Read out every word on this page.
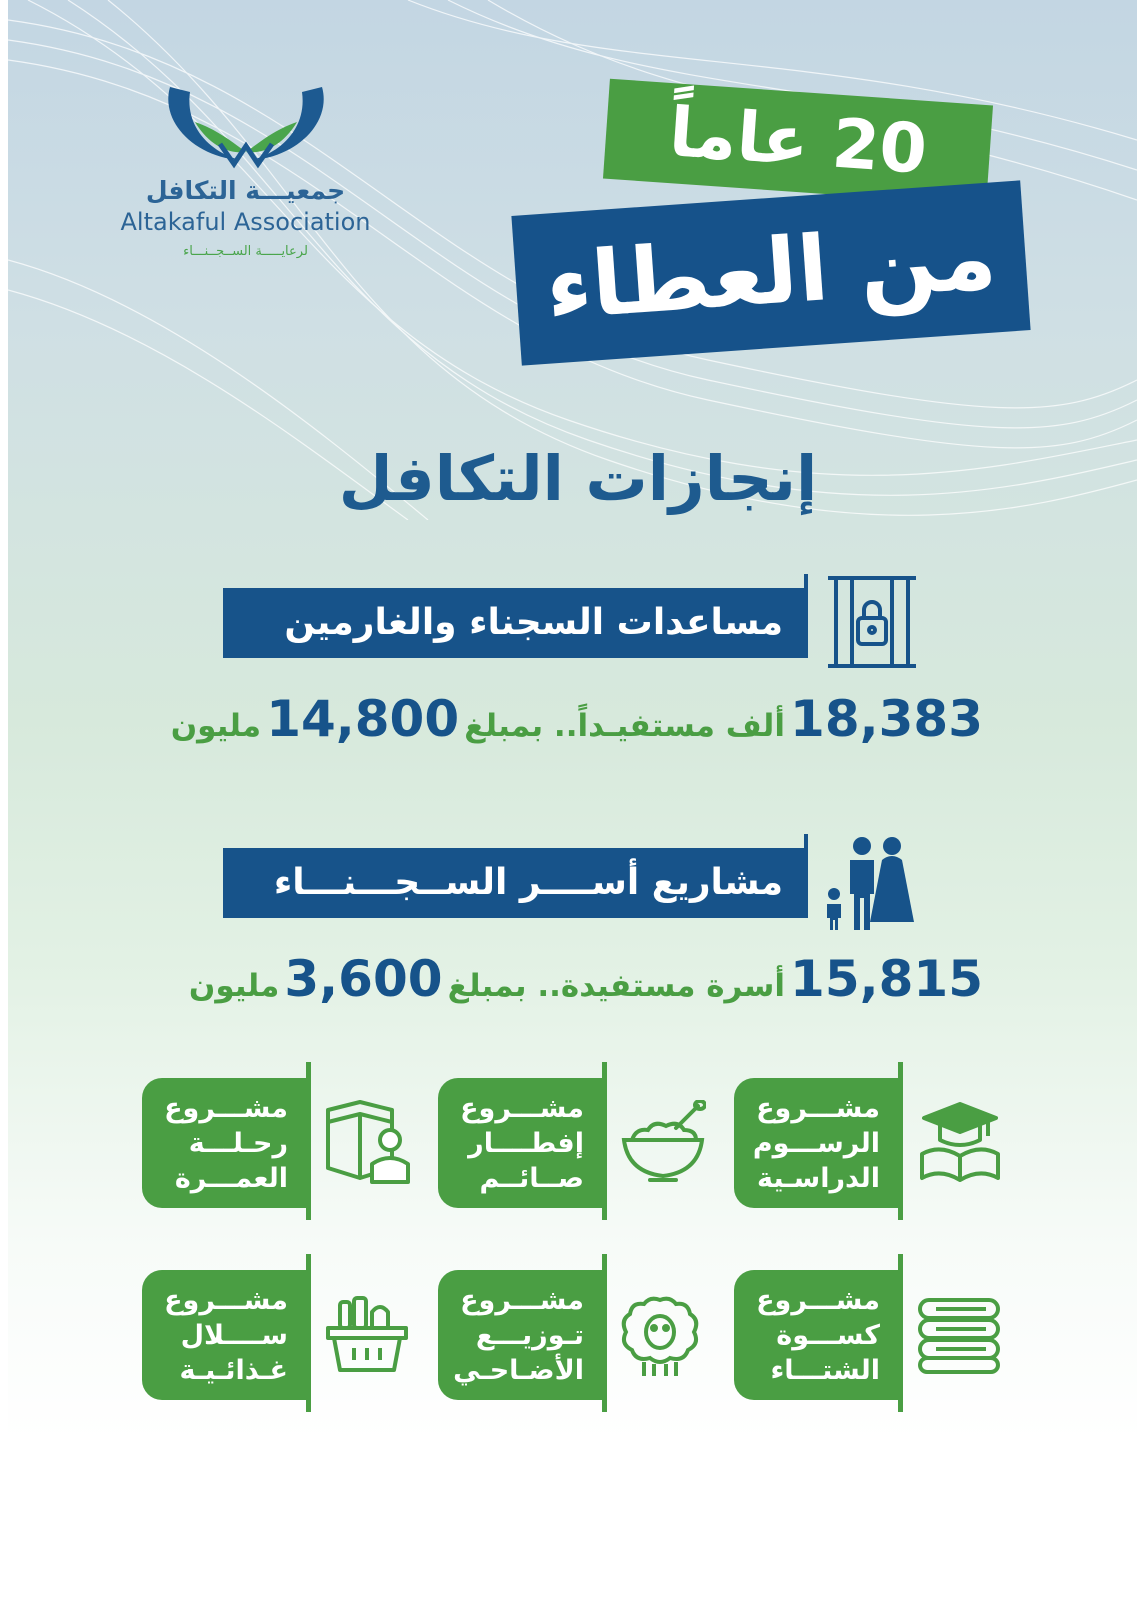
جمعيـــة التكافل
Altakaful Association
لرعايـــــة الســجــنـــاء
20 عاماً
من العطاء
إنجازات التكافل
مساعدات السجناء والغارمين
18,383 ألف مستفيـداً.. بمبلغ 14,800 مليون
مشاريع أســــر الســجـــنـــاء
15,815 أسرة مستفيدة.. بمبلغ 3,600 مليون
مشـــروع
الرســـوم
الدراسـية
مشـــروع
إفطــــار
صــائــم
مشـــروع
رحـلـــة
العمـــرة
مشـــروع
كســـوة
الشتـــاء
مشـــروع
تـوزيـــع
الأضـاحـي
مشـــروع
ســــلال
غـذائـيـة
